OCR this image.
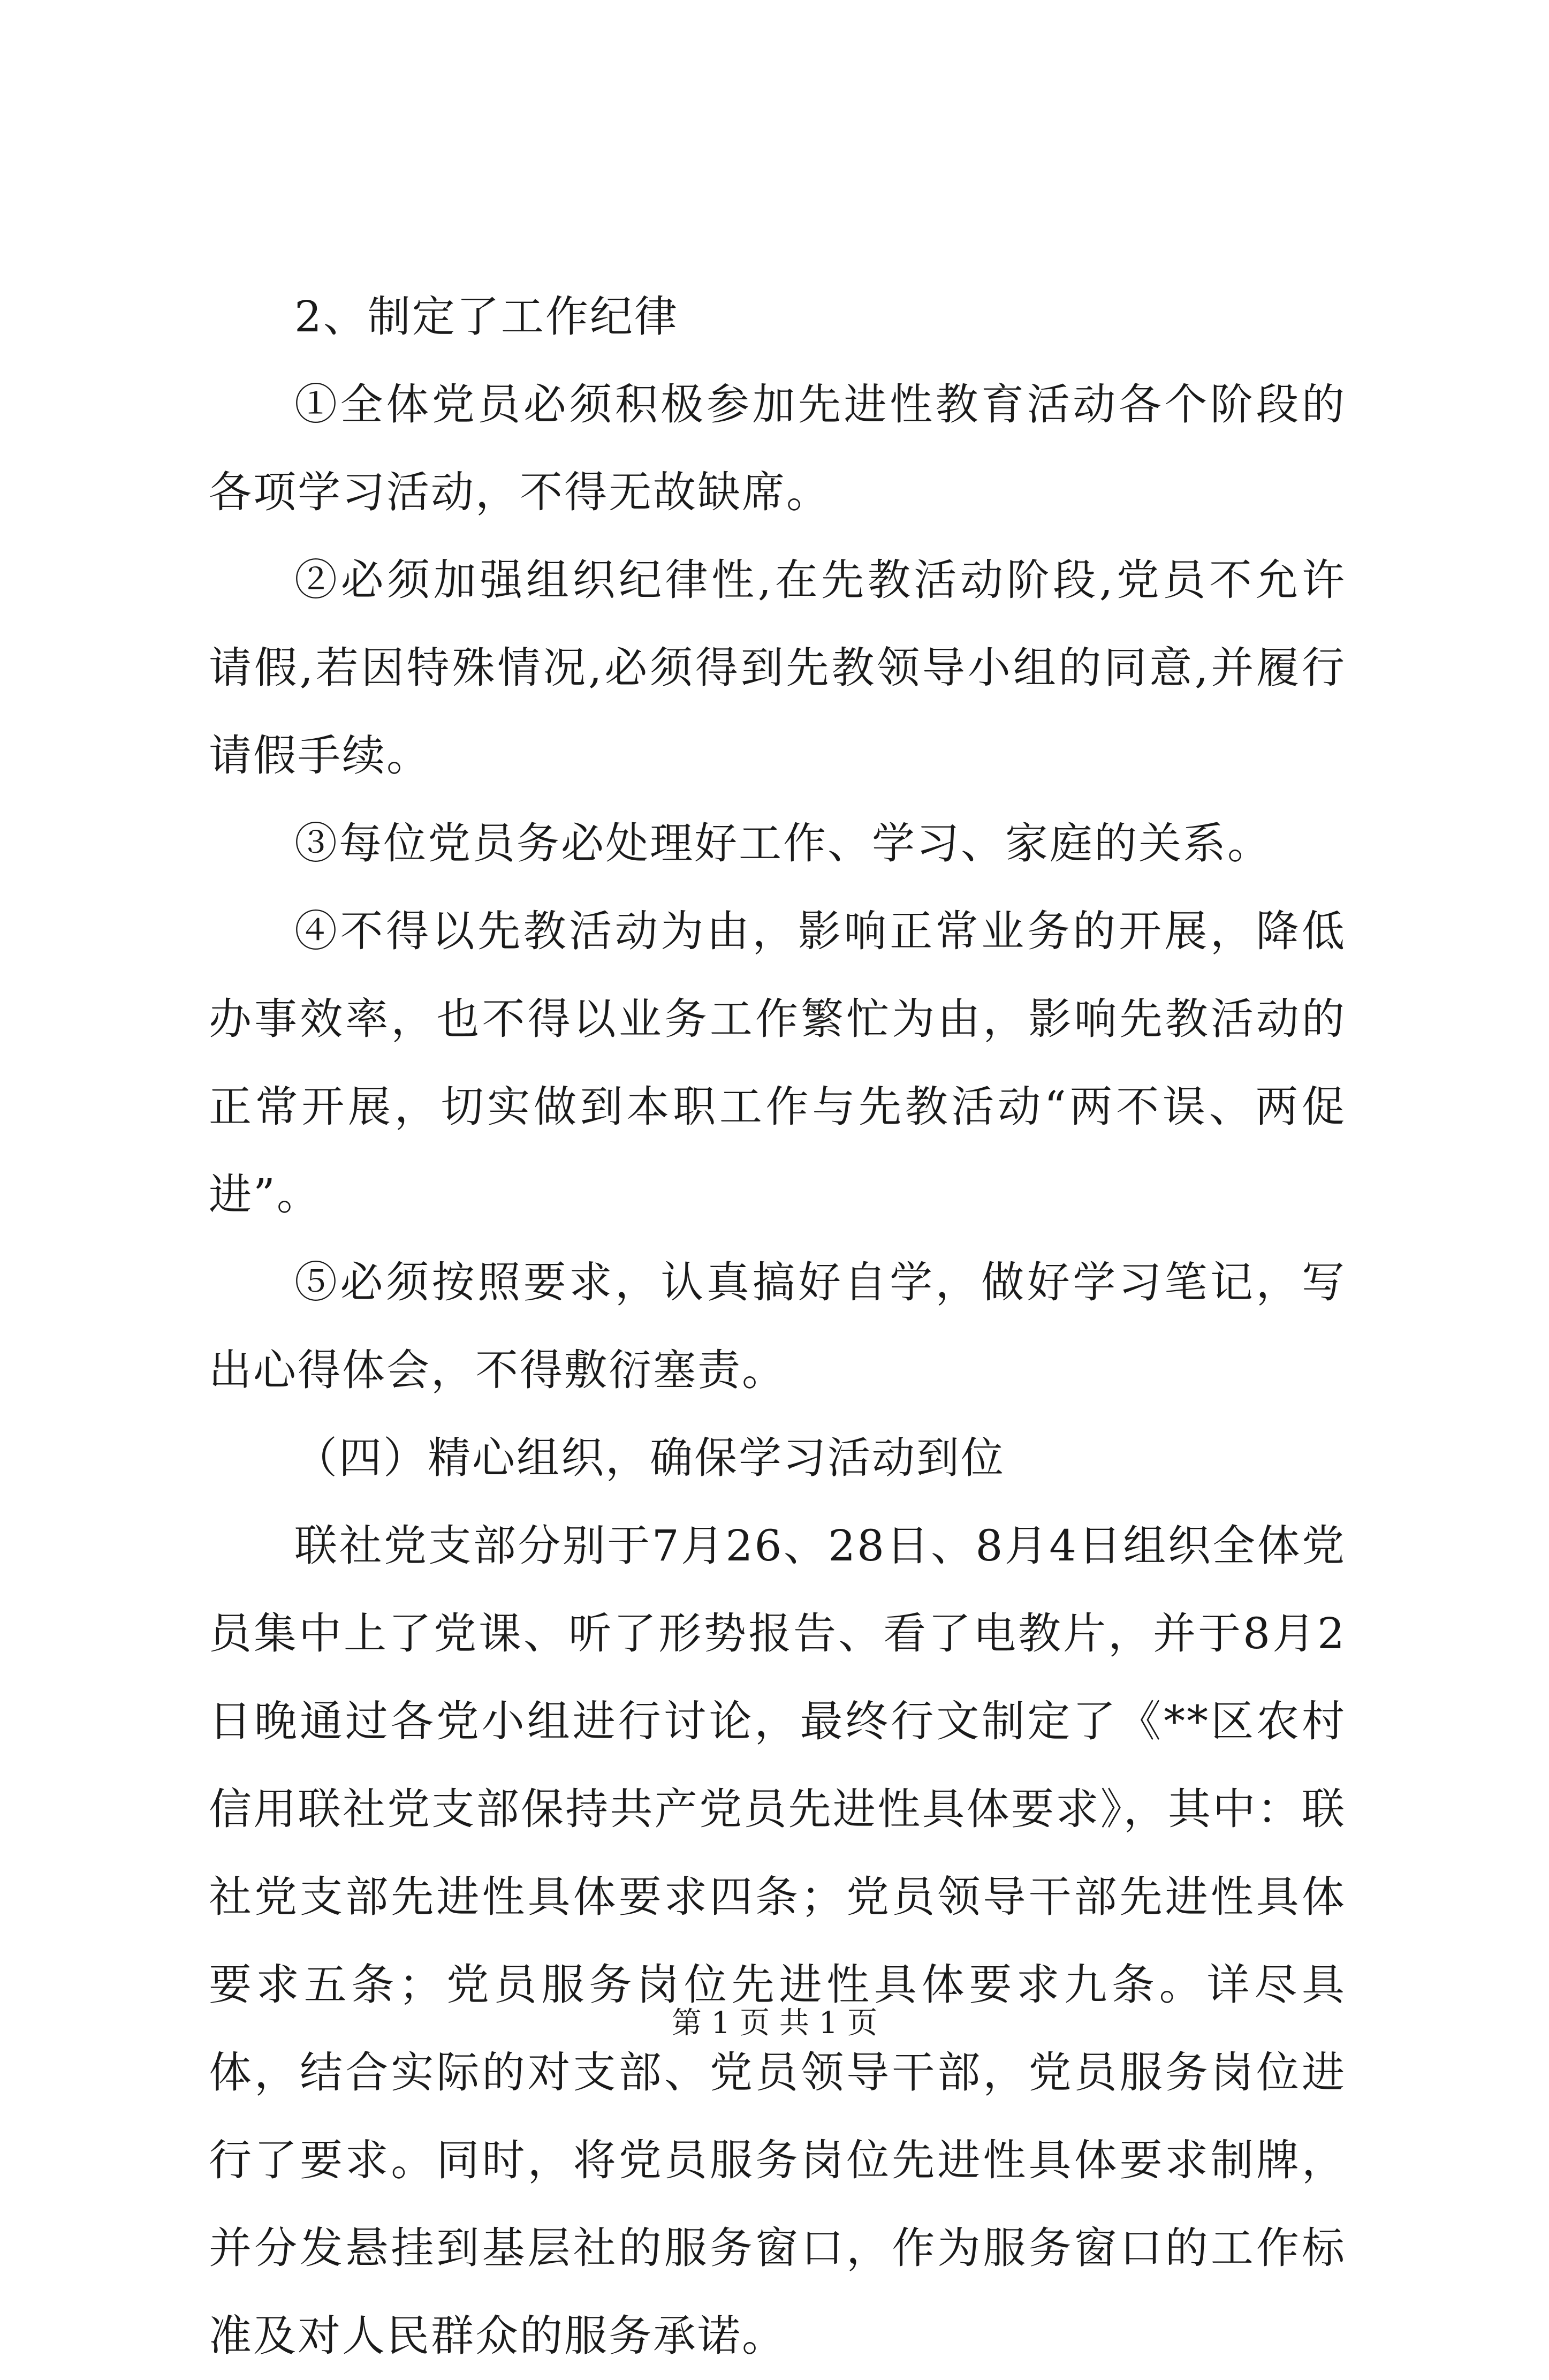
2、制定了工作纪律

①全体党员必须积极参加先进性教育活动各个阶段的各项学习活动，不得无故缺席。

②必须加强组织纪律性,在先教活动阶段,党员不允许请假,若因特殊情况,必须得到先教领导小组的同意,并履行请假手续。

③每位党员务必处理好工作、学习、家庭的关系。

④不得以先教活动为由，影响正常业务的开展，降低办事效率，也不得以业务工作繁忙为由，影响先教活动的正常开展，切实做到本职工作与先教活动“两不误、两促进”。

⑤必须按照要求，认真搞好自学，做好学习笔记，写出心得体会，不得敷衍塞责。

（四）精心组织，确保学习活动到位

联社党支部分别于7月26、28日、8月4日组织全体党员集中上了党课、听了形势报告、看了电教片，并于8月2日晚通过各党小组进行讨论，最终行文制定了《**区农村信用联社党支部保持共产党员先进性具体要求》，其中：联社党支部先进性具体要求四条；党员领导干部先进性具体要求五条；党员服务岗位先进性具体要求九条。详尽具体，结合实际的对支部、党员领导干部，党员服务岗位进行了要求。同时，将党员服务岗位先进性具体要求制牌，并分发悬挂到基层社的服务窗口，作为服务窗口的工作标准及对人民群众的服务承诺。

第 1 页 共 1 页
